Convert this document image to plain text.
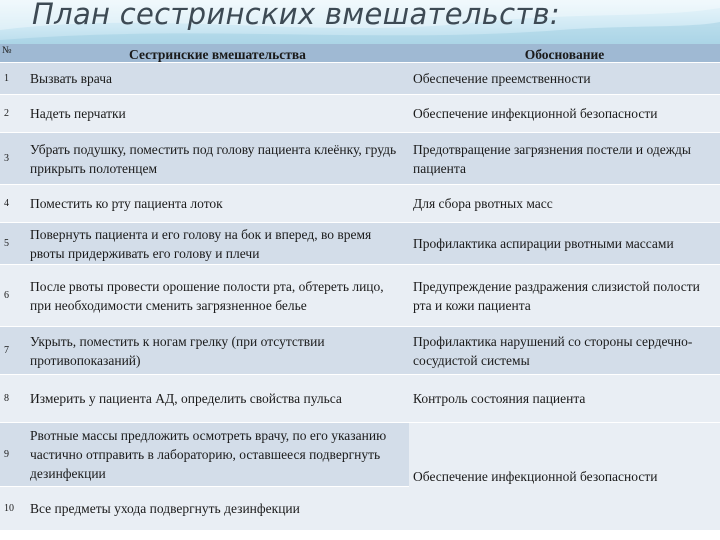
План сестринских вмешательств:
№	Сестринские вмешательства	Обоснование
1	Вызвать врача	Обеспечение преемственности
2	Надеть перчатки	Обеспечение инфекционной безопасности
3	Убрать подушку, поместить под голову пациента клеёнку, грудь прикрыть полотенцем	Предотвращение загрязнения постели и одежды пациента
4	Поместить ко рту пациента лоток	Для сбора рвотных масс
5	Повернуть пациента и его голову на бок и вперед, во время рвоты придерживать его голову и плечи	Профилактика аспирации рвотными массами
6	После рвоты провести орошение полости рта, обтереть лицо, при необходимости сменить загрязненное белье	Предупреждение раздражения слизистой полости рта и кожи пациента
7	Укрыть, поместить к ногам грелку (при отсутствии противопоказаний)	Профилактика нарушений со стороны сердечно-сосудистой системы
8	Измерить у пациента АД, определить свойства пульса	Контроль состояния пациента
9	Рвотные массы предложить осмотреть врачу, по его указанию частично отправить в лабораторию, оставшееся подвергнуть дезинфекции	Обеспечение инфекционной безопасности
10	Все предметы ухода подвергнуть дезинфекции	
